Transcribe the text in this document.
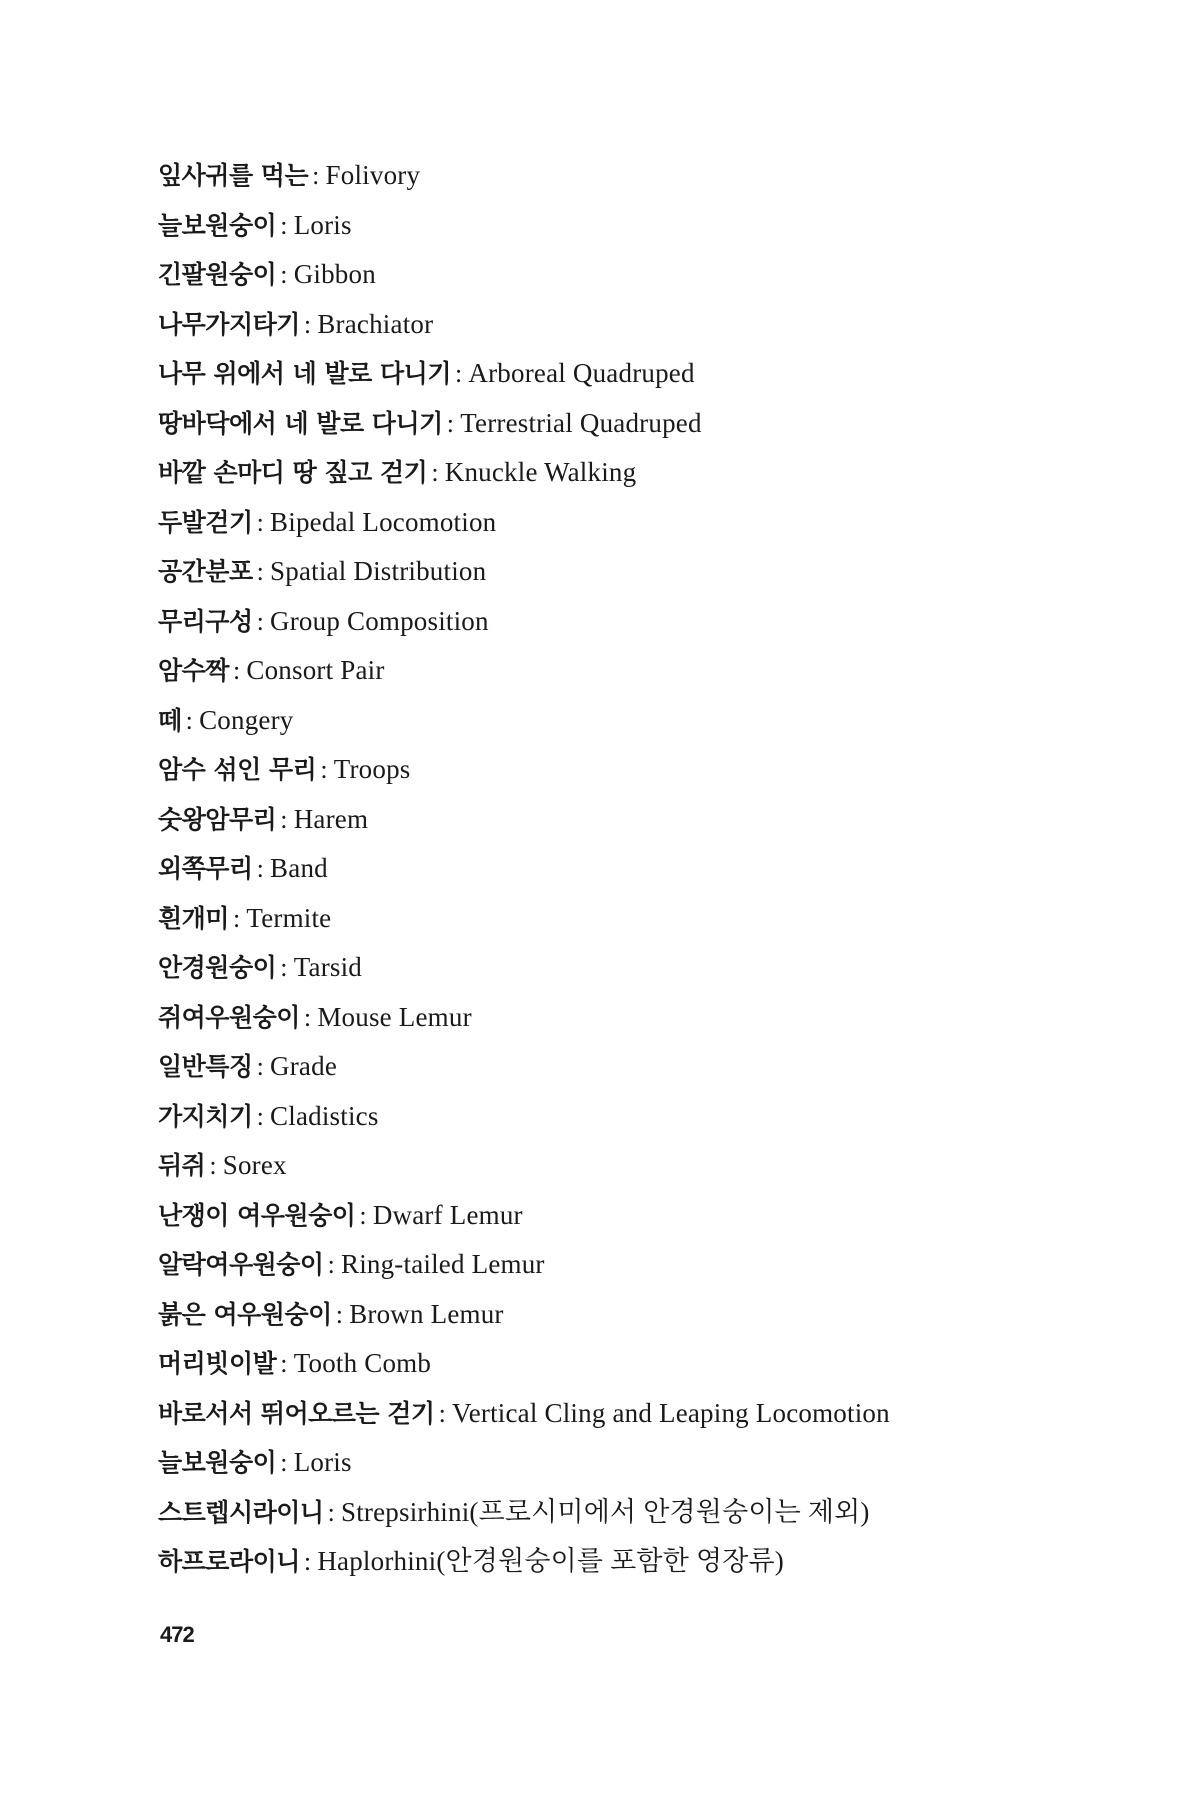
잎사귀를 먹는 : Folivory
늘보원숭이 : Loris
긴팔원숭이 : Gibbon
나무가지타기 : Brachiator
나무 위에서 네 발로 다니기 : Arboreal Quadruped
땅바닥에서 네 발로 다니기 : Terrestrial Quadruped
바깥 손마디 땅 짚고 걷기 : Knuckle Walking
두발걷기 : Bipedal Locomotion
공간분포 : Spatial Distribution
무리구성 : Group Composition
암수짝 : Consort Pair
떼 : Congery
암수 섞인 무리 : Troops
숫왕암무리 : Harem
외쪽무리 : Band
흰개미 : Termite
안경원숭이 : Tarsid
쥐여우원숭이 : Mouse Lemur
일반특징 : Grade
가지치기 : Cladistics
뒤쥐 : Sorex
난쟁이 여우원숭이 : Dwarf Lemur
알락여우원숭이 : Ring-tailed Lemur
붉은 여우원숭이 : Brown Lemur
머리빗이발 : Tooth Comb
바로서서 뛰어오르는 걷기 : Vertical Cling and Leaping Locomotion
늘보원숭이 : Loris
스트렙시라이니 : Strepsirhini(프로시미에서 안경원숭이는 제외)
하프로라이니 : Haplorhini(안경원숭이를 포함한 영장류)
472
